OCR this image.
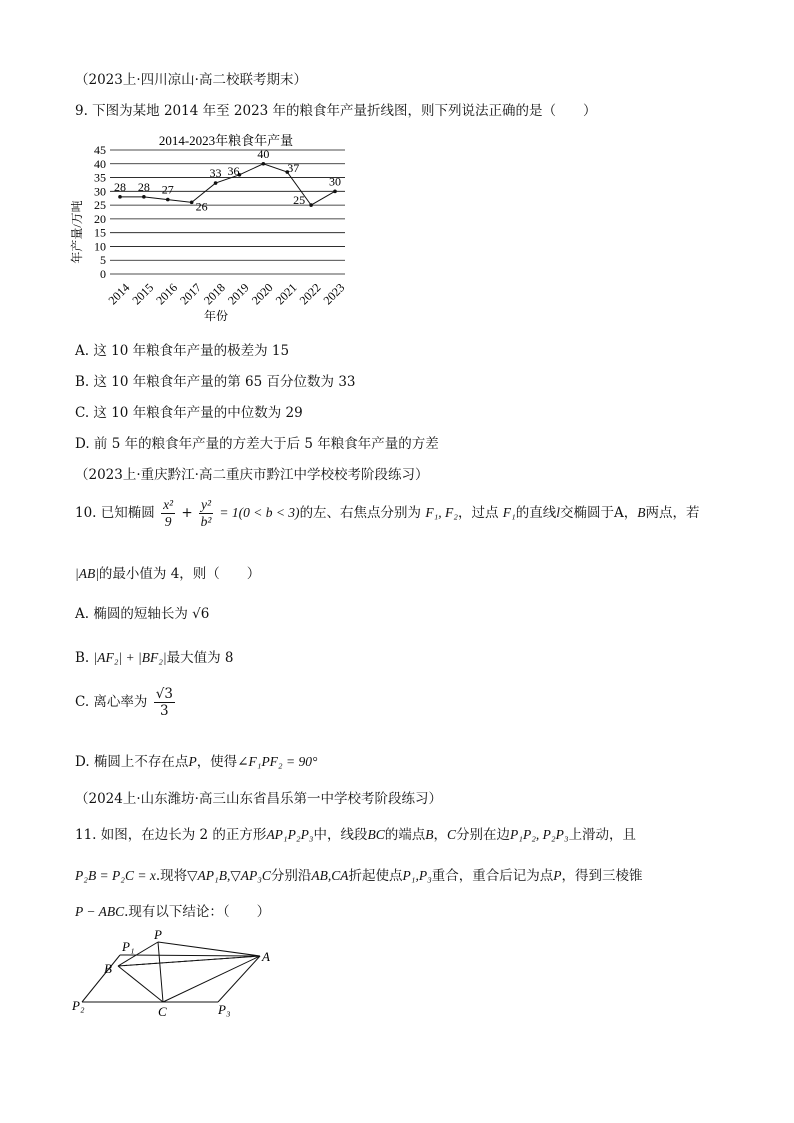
（2023上·四川凉山·高二校联考期末）
9. 下图为某地 2014 年至 2023 年的粮食年产量折线图，则下列说法正确的是（　　）
2014-2023年粮食年产量
0
5
10
15
20
25
30
35
40
45
2014
2015
2016
2017
2018
2019
2020
2021
2022
2023
28 28 27
26
33 36
40
37
25
30
年产量/万吨
年份
A. 这 10 年粮食年产量的极差为 15
B. 这 10 年粮食年产量的第 65 百分位数为 33
C. 这 10 年粮食年产量的中位数为 29
D. 前 5 年的粮食年产量的方差大于后 5 年粮食年产量的方差
（2023上·重庆黔江·高二重庆市黔江中学校校考阶段练习）
10. 已知椭圆 $\frac{\text{x²}}{9} + \frac{\text{y²}}{\text{b²}} = 1(0 < b < 3)$的左、右焦点分别为 F₁, F₂，过点 F₁的直线l交椭圆于A，B两点，若
|AB|的最小值为 4，则（　　）
A. 椭圆的短轴长为 √6
B. |AF₂| + |BF₂|最大值为 8
C. 离心率为 $\frac{√3}{3}$
D. 椭圆上不存在点P，使得∠F₁PF₂ = 90°
（2024上·山东潍坊·高三山东省昌乐第一中学校考阶段练习）
11. 如图，在边长为 2 的正方形AP₁P₂P₃中，线段BC的端点B，C分别在边P₁P₂, P₂P₃上滑动，且
P₂B = P₂C = x.现将▽AP₁B,▽AP₃C分别沿AB,CA折起使点P₁,P₃重合，重合后记为点P，得到三棱锥
P − ABC.现有以下结论：（　　）
P₁
P
A
B
P₂	C	P₃
